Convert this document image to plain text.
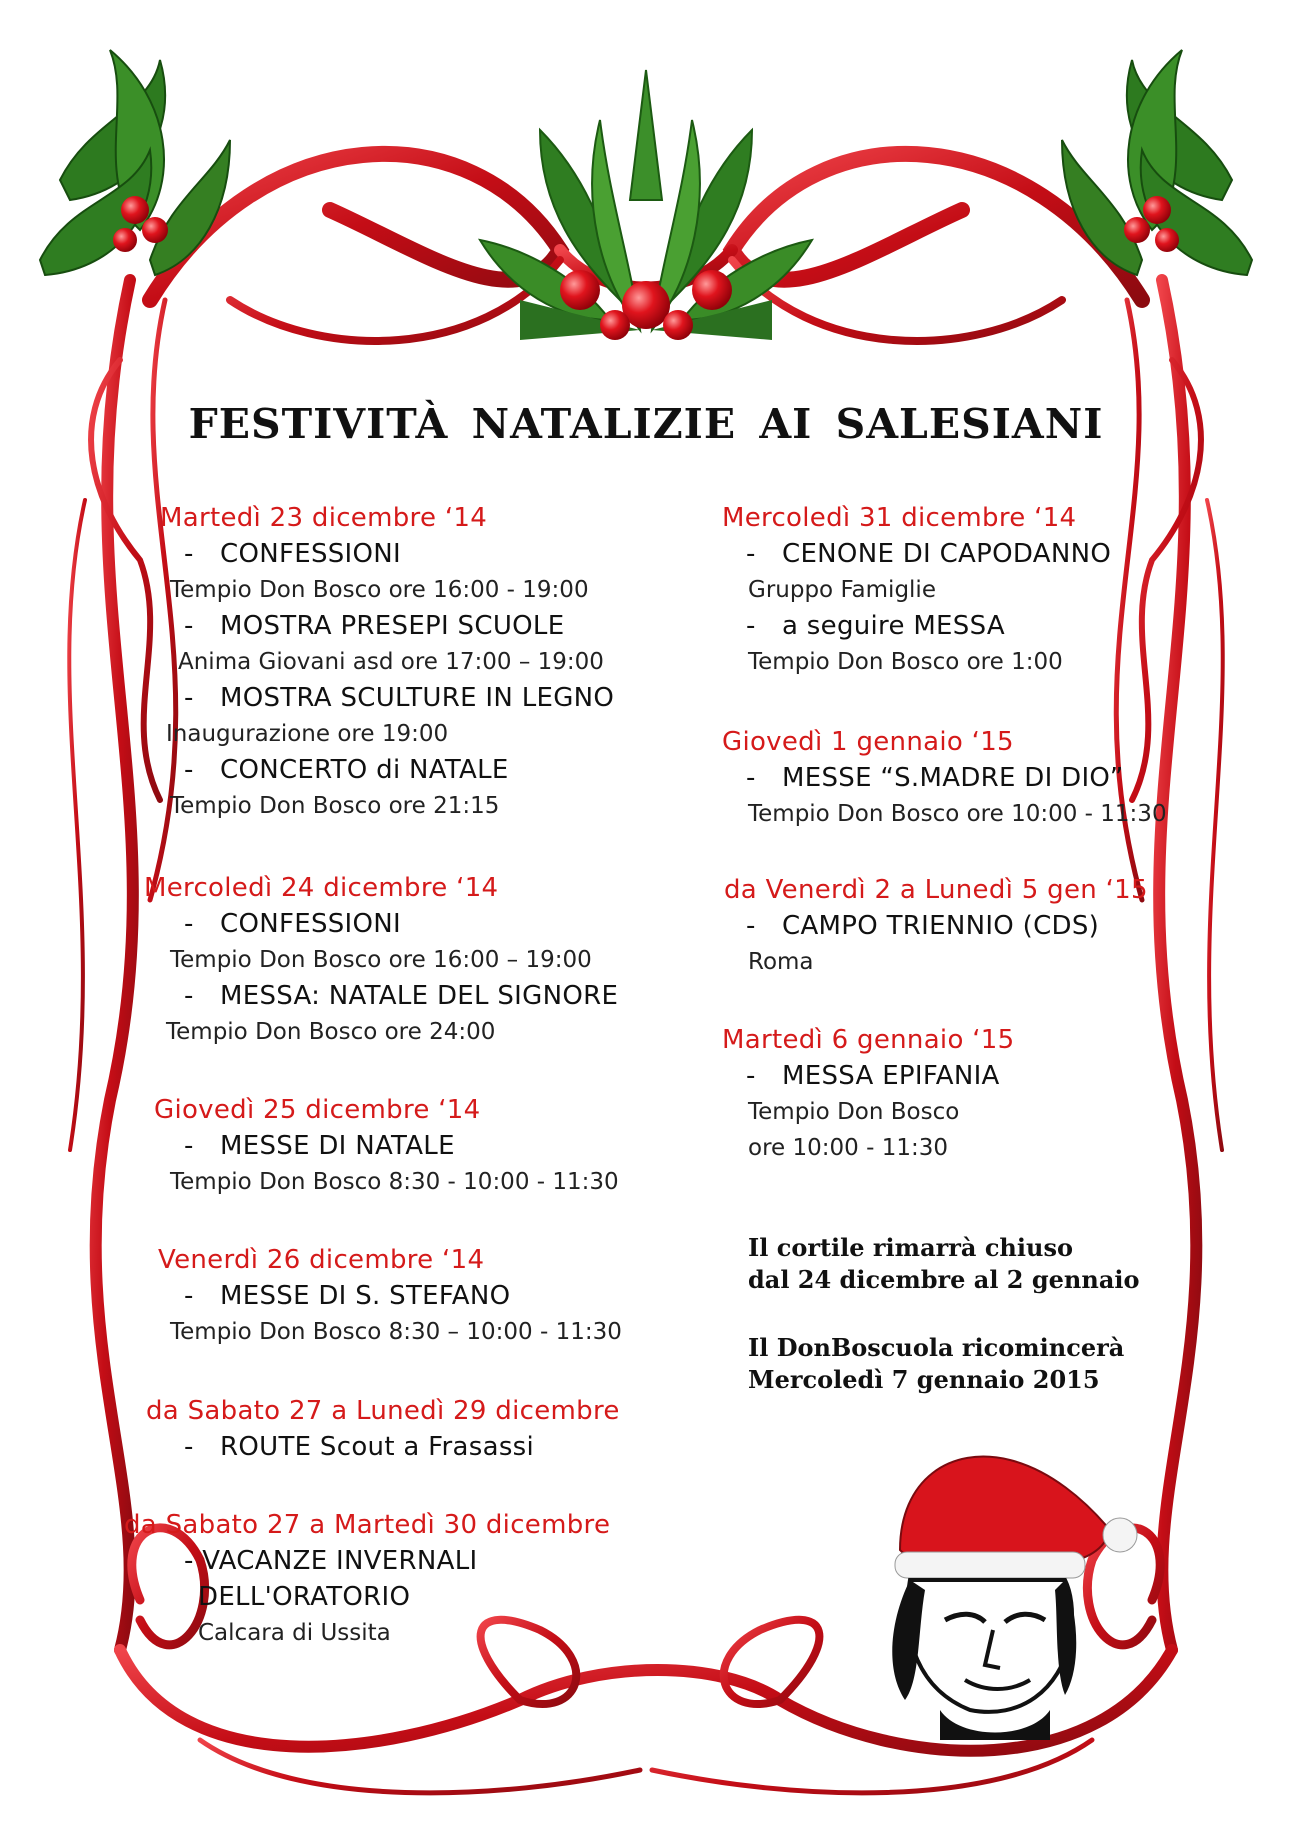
FESTIVITÀ NATALIZIE AI SALESIANI
Martedì 23 dicembre ‘14
- CONFESSIONI
Tempio Don Bosco ore 16:00 - 19:00
- MOSTRA PRESEPI SCUOLE
Anima Giovani asd ore 17:00 – 19:00
- MOSTRA SCULTURE IN LEGNO
Inaugurazione ore 19:00
- CONCERTO di NATALE
Tempio Don Bosco ore 21:15
Mercoledì 24 dicembre ‘14
- CONFESSIONI
Tempio Don Bosco ore 16:00 – 19:00
- MESSA: NATALE DEL SIGNORE
Tempio Don Bosco ore 24:00
Giovedì 25 dicembre ‘14
- MESSE DI NATALE
Tempio Don Bosco 8:30 - 10:00 - 11:30
Venerdì 26 dicembre ‘14
- MESSE DI S. STEFANO
Tempio Don Bosco 8:30 – 10:00 - 11:30
da Sabato 27 a Lunedì 29 dicembre
- ROUTE Scout a Frasassi
da Sabato 27 a Martedì 30 dicembre
- VACANZE INVERNALI
DELL'ORATORIO
Calcara di Ussita
Mercoledì 31 dicembre ‘14
- CENONE DI CAPODANNO
Gruppo Famiglie
- a seguire MESSA
Tempio Don Bosco ore 1:00
Giovedì 1 gennaio ‘15
- MESSE “S.MADRE DI DIO”
Tempio Don Bosco ore 10:00 - 11:30
da Venerdì 2 a Lunedì 5 gen ‘15
- CAMPO TRIENNIO (CDS)
Roma
Martedì 6 gennaio ‘15
- MESSA EPIFANIA
Tempio Don Bosco
ore 10:00 - 11:30
Il cortile rimarrà chiuso
dal 24 dicembre al 2 gennaio
Il DonBoscuola ricomincerà
Mercoledì 7 gennaio 2015
